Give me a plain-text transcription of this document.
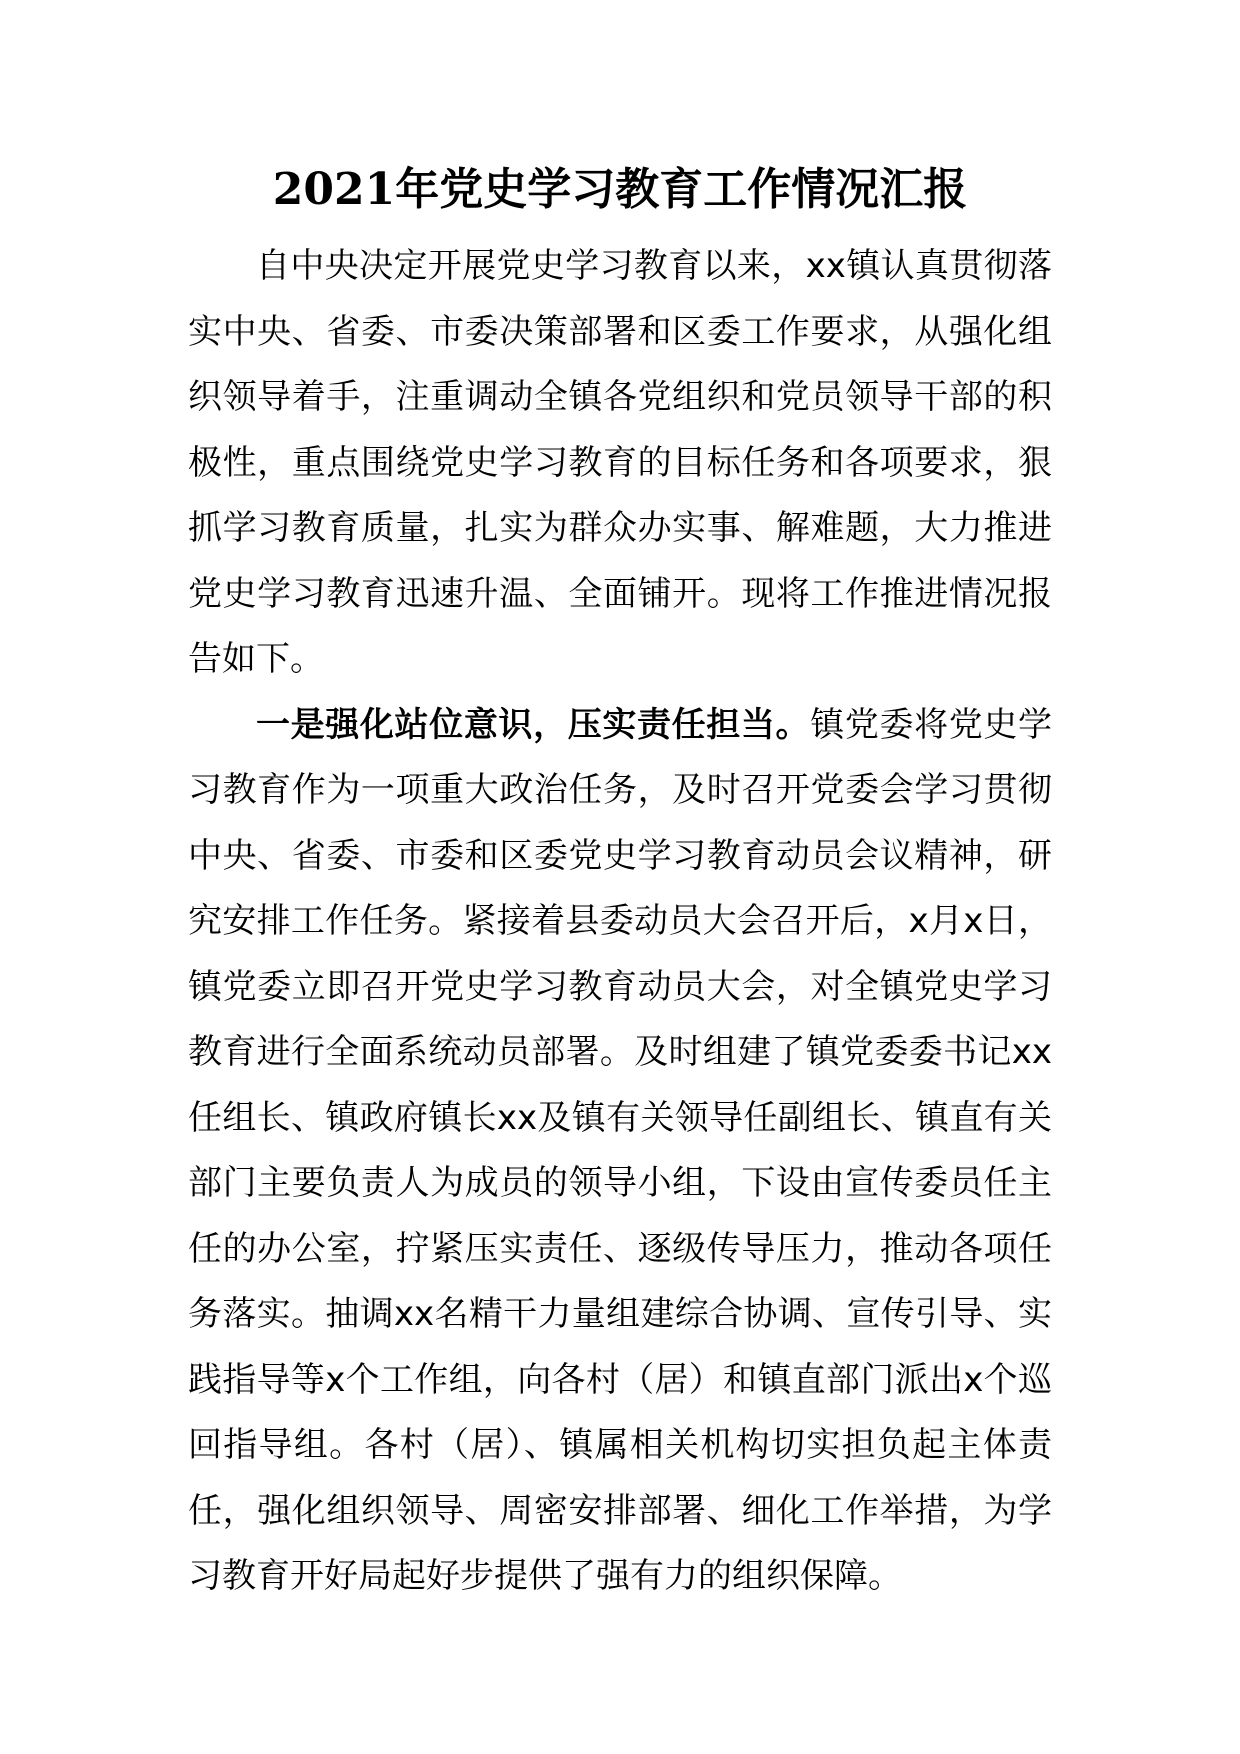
2021年党史学习教育工作情况汇报

自中央决定开展党史学习教育以来，xx镇认真贯彻落实中央、省委、市委决策部署和区委工作要求，从强化组织领导着手，注重调动全镇各党组织和党员领导干部的积极性，重点围绕党史学习教育的目标任务和各项要求，狠抓学习教育质量，扎实为群众办实事、解难题，大力推进党史学习教育迅速升温、全面铺开。现将工作推进情况报告如下。

一是强化站位意识，压实责任担当。镇党委将党史学习教育作为一项重大政治任务，及时召开党委会学习贯彻中央、省委、市委和区委党史学习教育动员会议精神，研究安排工作任务。紧接着县委动员大会召开后，x月x日，镇党委立即召开党史学习教育动员大会，对全镇党史学习教育进行全面系统动员部署。及时组建了镇党委委书记xx任组长、镇政府镇长xx及镇有关领导任副组长、镇直有关部门主要负责人为成员的领导小组，下设由宣传委员任主任的办公室，拧紧压实责任、逐级传导压力，推动各项任务落实。抽调xx名精干力量组建综合协调、宣传引导、实践指导等x个工作组，向各村（居）和镇直部门派出x个巡回指导组。各村（居）、镇属相关机构切实担负起主体责任，强化组织领导、周密安排部署、细化工作举措，为学习教育开好局起好步提供了强有力的组织保障。
